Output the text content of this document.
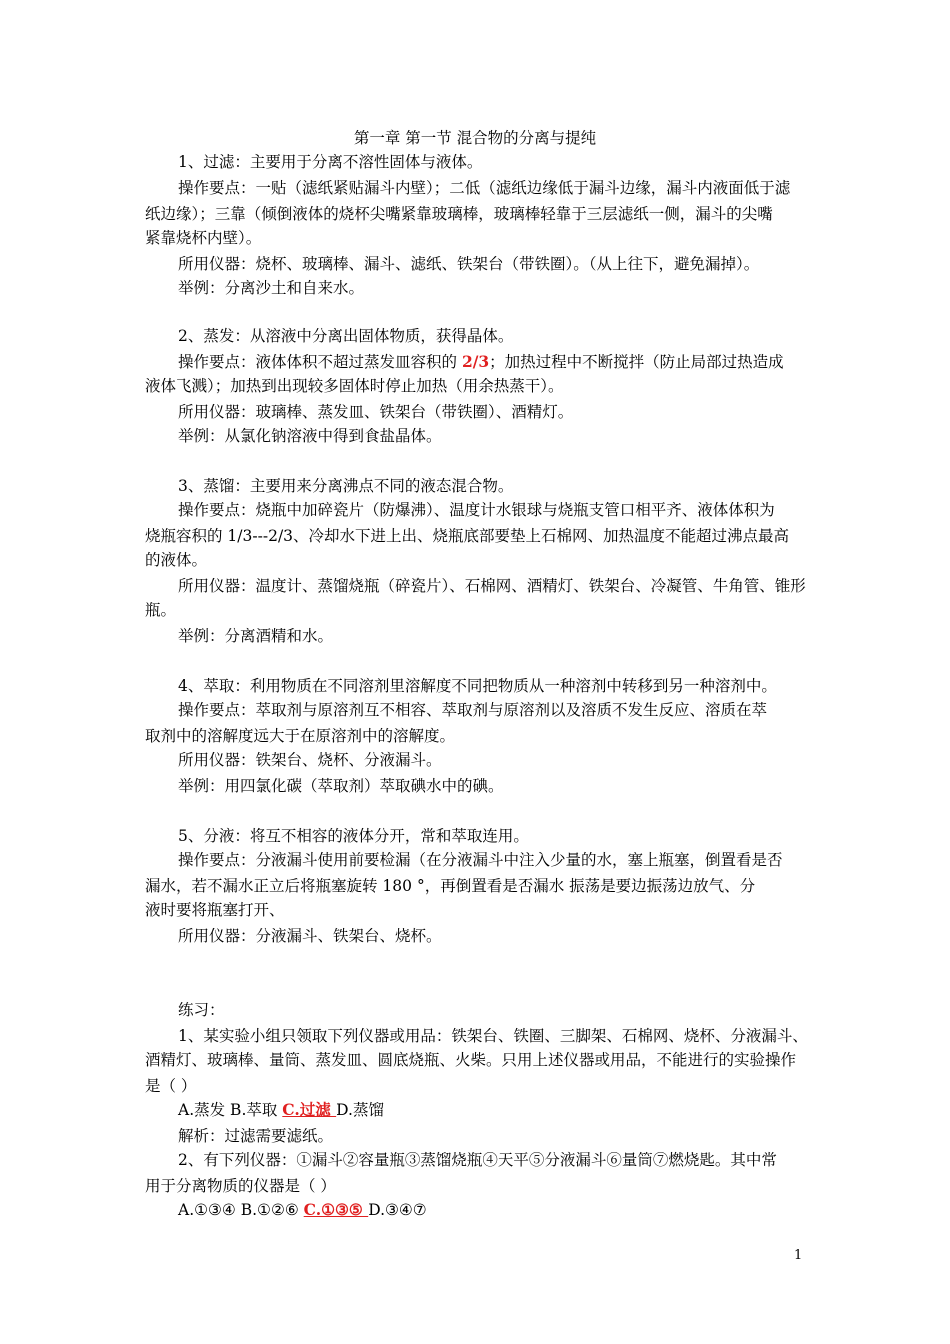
第一章 第一节 混合物的分离与提纯
1、过滤：主要用于分离不溶性固体与液体。
操作要点：一贴（滤纸紧贴漏斗内壁）；二低（滤纸边缘低于漏斗边缘，漏斗内液面低于滤
纸边缘）；三靠（倾倒液体的烧杯尖嘴紧靠玻璃棒，玻璃棒轻靠于三层滤纸一侧，漏斗的尖嘴
紧靠烧杯内壁）。
所用仪器：烧杯、玻璃棒、漏斗、滤纸、铁架台（带铁圈）。（从上往下，避免漏掉）。
举例：分离沙土和自来水。
2、蒸发：从溶液中分离出固体物质，获得晶体。
操作要点：液体体积不超过蒸发皿容积的 2/3；加热过程中不断搅拌（防止局部过热造成
液体飞溅）；加热到出现较多固体时停止加热（用余热蒸干）。
所用仪器：玻璃棒、蒸发皿、铁架台（带铁圈）、酒精灯。
举例：从氯化钠溶液中得到食盐晶体。
3、蒸馏：主要用来分离沸点不同的液态混合物。
操作要点：烧瓶中加碎瓷片（防爆沸）、温度计水银球与烧瓶支管口相平齐、液体体积为
烧瓶容积的 1/3---2/3、冷却水下进上出、烧瓶底部要垫上石棉网、加热温度不能超过沸点最高
的液体。
所用仪器：温度计、蒸馏烧瓶（碎瓷片）、石棉网、酒精灯、铁架台、冷凝管、牛角管、锥形
瓶。
举例：分离酒精和水。
4、萃取：利用物质在不同溶剂里溶解度不同把物质从一种溶剂中转移到另一种溶剂中。
操作要点：萃取剂与原溶剂互不相容、萃取剂与原溶剂以及溶质不发生反应、溶质在萃
取剂中的溶解度远大于在原溶剂中的溶解度。
所用仪器：铁架台、烧杯、分液漏斗。
举例：用四氯化碳（萃取剂）萃取碘水中的碘。
5、分液：将互不相容的液体分开，常和萃取连用。
操作要点：分液漏斗使用前要检漏（在分液漏斗中注入少量的水，塞上瓶塞，倒置看是否
漏水，若不漏水正立后将瓶塞旋转 180 °，再倒置看是否漏水 振荡是要边振荡边放气、分
液时要将瓶塞打开、
所用仪器：分液漏斗、铁架台、烧杯。
练习：
1、某实验小组只领取下列仪器或用品：铁架台、铁圈、三脚架、石棉网、烧杯、分液漏斗、
酒精灯、玻璃棒、量筒、蒸发皿、圆底烧瓶、火柴。只用上述仪器或用品，不能进行的实验操作
是（ ）
A.蒸发 B.萃取 C.过滤 D.蒸馏
解析：过滤需要滤纸。
2、有下列仪器：①漏斗②容量瓶③蒸馏烧瓶④天平⑤分液漏斗⑥量筒⑦燃烧匙。其中常
用于分离物质的仪器是（ ）
A.①③④ B.①②⑥ C.①③⑤ D.③④⑦
1
